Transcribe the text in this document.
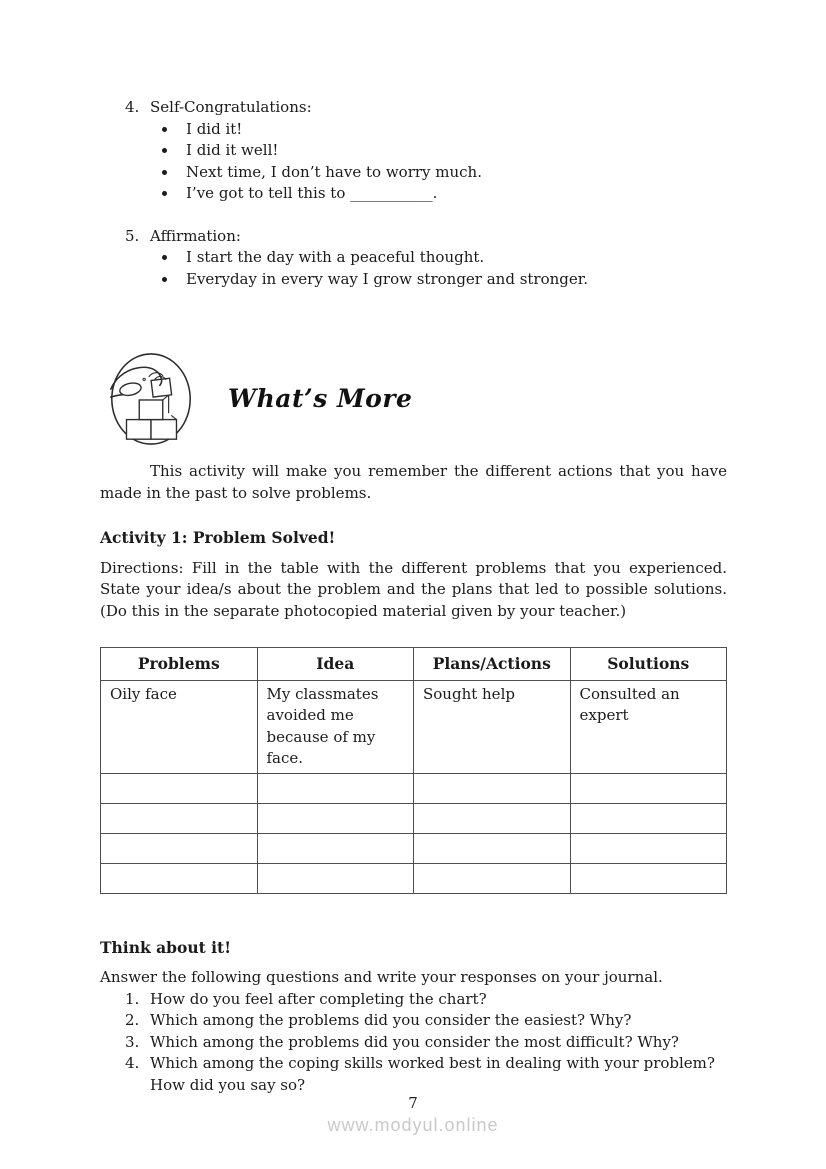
4. Self-Congratulations:
• I did it!
• I did it well!
• Next time, I don’t have to worry much.
• I’ve got to tell this to ___________.
5. Affirmation:
• I start the day with a peaceful thought.
• Everyday in every way I grow stronger and stronger.
What’s More

This activity will make you remember the different actions that you have made in the past to solve problems.

Activity 1: Problem Solved!

Directions: Fill in the table with the different problems that you experienced. State your idea/s about the problem and the plans that led to possible solutions. (Do this in the separate photocopied material given by your teacher.)

Problems	Idea	Plans/Actions	Solutions
Oily face	My classmates avoided me because of my face.	Sought help	Consulted an expert

Think about it!

Answer the following questions and write your responses on your journal.

1. How do you feel after completing the chart?
2. Which among the problems did you consider the easiest? Why?
3. Which among the problems did you consider the most difficult? Why?
4. Which among the coping skills worked best in dealing with your problem? How did you say so?
7
www.modyul.online
